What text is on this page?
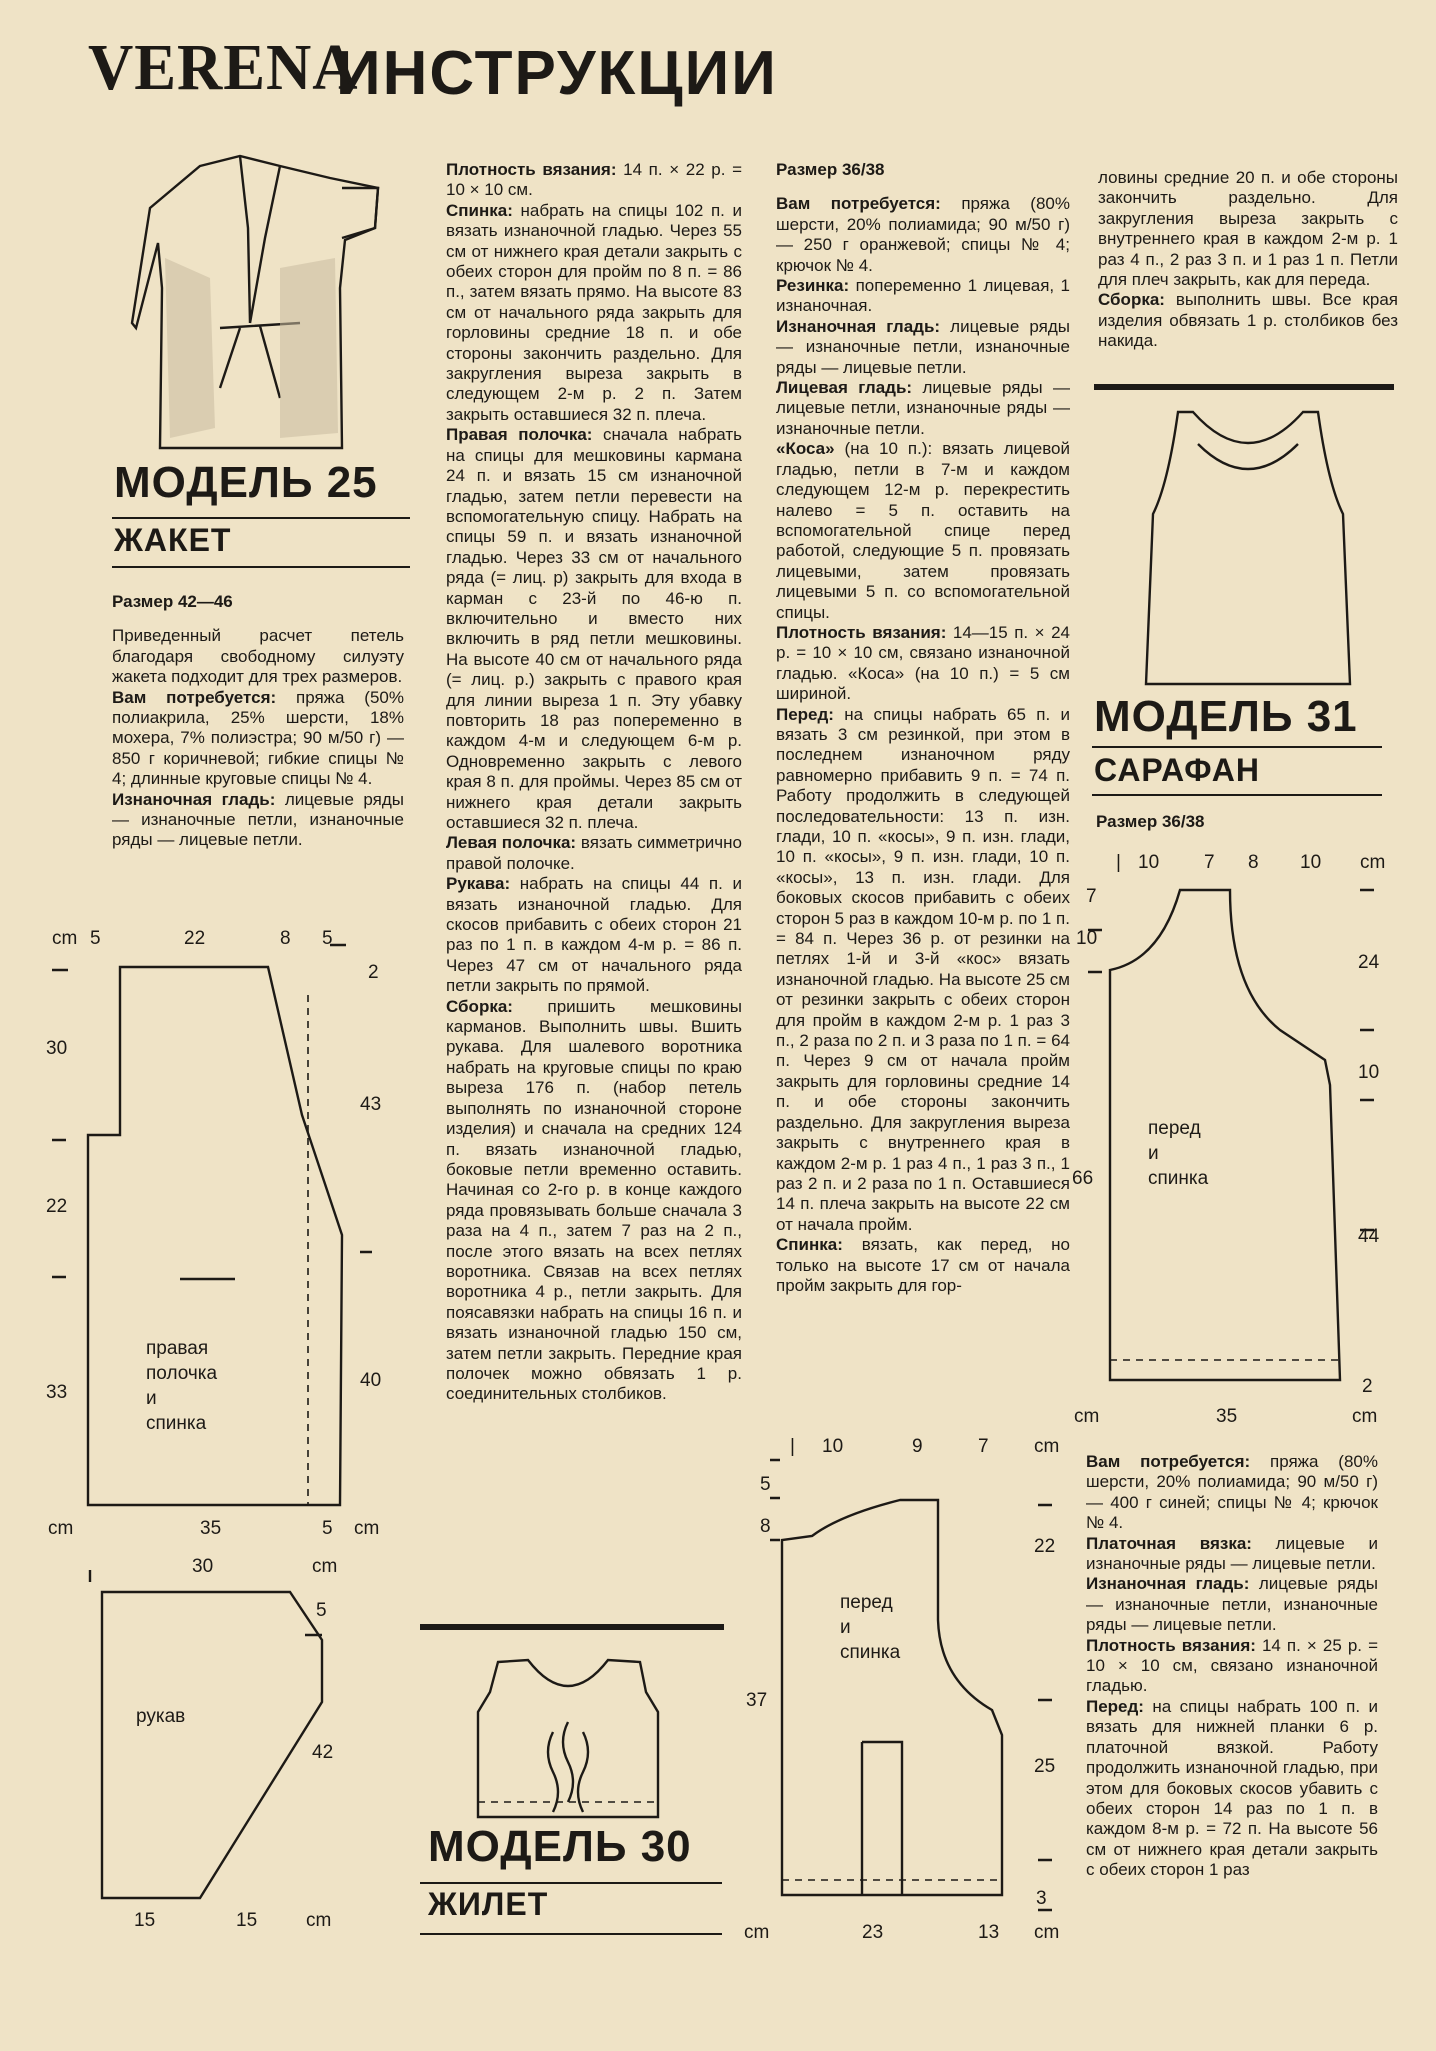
VERENA
ИНСТРУКЦИИ
МОДЕЛЬ 25
ЖАКЕТ

Размер 42—46

Приведенный расчет петель благодаря свободному силуэту жакета подходит для трех размеров.

Вам потребуется: пряжа (50% полиакрила, 25% шерсти, 18% мохера, 7% полиэстра; 90 м/50 г) — 850 г коричневой; гибкие спицы № 4; длинные круговые спицы № 4.

Изнаночная гладь: лицевые ряды — изнаночные петли, изнаночные ряды — лицевые петли.

cm 5	22	8 5
2
30
43
22
правая
полочка
и
спинка
33
40
cm	35	5 cm
30	cm
5
рукав
42
15	15	cm

Плотность вязания: 14 п. × 22 р. = 10 × 10 см.

Спинка: набрать на спицы 102 п. и вязать изнаночной гладью. Через 55 см от нижнего края детали закрыть с обеих сторон для пройм по 8 п. = 86 п., затем вязать прямо. На высоте 83 см от начального ряда закрыть для горловины средние 18 п. и обе стороны закончить раздельно. Для закругления выреза закрыть в следующем 2-м р. 2 п. Затем закрыть оставшиеся 32 п. плеча.

Правая полочка: сначала набрать на спицы для мешковины кармана 24 п. и вязать 15 см изнаночной гладью, затем петли перевести на вспомогательную спицу. Набрать на спицы 59 п. и вязать изнаночной гладью. Через 33 см от начального ряда (= лиц. р) закрыть для входа в карман с 23-й по 46-ю п. включительно и вместо них включить в ряд петли мешковины. На высоте 40 см от начального ряда (= лиц. р.) закрыть с правого края для линии выреза 1 п. Эту убавку повторить 18 раз попеременно в каждом 4-м и следующем 6-м р. Одновременно закрыть с левого края 8 п. для проймы. Через 85 см от нижнего края детали закрыть оставшиеся 32 п. плеча.

Левая полочка: вязать симметрично правой полочке.

Рукава: набрать на спицы 44 п. и вязать изнаночной гладью. Для скосов прибавить с обеих сторон 21 раз по 1 п. в каждом 4-м р. = 86 п. Через 47 см от начального ряда петли закрыть по прямой.

Сборка: пришить мешковины карманов. Выполнить швы. Вшить рукава. Для шалевого воротника набрать на круговые спицы по краю выреза 176 п. (набор петель выполнять по изнаночной стороне изделия) и сначала на средних 124 п. вязать изнаночной гладью, боковые петли временно оставить. Начиная со 2-го р. в конце каждого ряда провязывать больше сначала 3 раза на 4 п., затем 7 раз на 2 п., после этого вязать на всех петлях воротника. Связав на всех петлях воротника 4 р., петли закрыть. Для поясавязки набрать на спицы 16 п. и вязать изнаночной гладью 150 см, затем петли закрыть. Передние края полочек можно обвязать 1 р. соединительных столбиков.

МОДЕЛЬ 30
ЖИЛЕТ

Размер 36/38

Вам потребуется: пряжа (80% шерсти, 20% полиамида; 90 м/50 г) — 250 г оранжевой; спицы № 4; крючок № 4.

Резинка: попеременно 1 лицевая, 1 изнаночная.

Изнаночная гладь: лицевые ряды — изнаночные петли, изнаночные ряды — лицевые петли.

Лицевая гладь: лицевые ряды — лицевые петли, изнаночные ряды — изнаночные петли.

«Коса» (на 10 п.): вязать лицевой гладью, петли в 7-м и каждом следующем 12-м р. перекрестить налево = 5 п. оставить на вспомогательной спице перед работой, следующие 5 п. провязать лицевыми, затем провязать лицевыми 5 п. со вспомогательной спицы.

Плотность вязания: 14—15 п. × 24 р. = 10 × 10 см, связано изнаночной гладью. «Коса» (на 10 п.) = 5 см шириной.

Перед: на спицы набрать 65 п. и вязать 3 см резинкой, при этом в последнем изнаночном ряду равномерно прибавить 9 п. = 74 п. Работу продолжить в следующей последовательности: 13 п. изн. глади, 10 п. «косы», 9 п. изн. глади, 10 п. «косы», 9 п. изн. глади, 10 п. «косы», 13 п. изн. глади. Для боковых скосов прибавить с обеих сторон 5 раз в каждом 10-м р. по 1 п. = 84 п. Через 36 р. от резинки на петлях 1-й и 3-й «кос» вязать изнаночной гладью. На высоте 25 см от резинки закрыть с обеих сторон для пройм в каждом 2-м р. 1 раз 3 п., 2 раза по 2 п. и 3 раза по 1 п. = 64 п. Через 9 см от начала пройм закрыть для горловины средние 14 п. и обе стороны закончить раздельно. Для закругления выреза закрыть с внутреннего края в каждом 2-м р. 1 раз 4 п., 1 раз 3 п., 1 раз 2 п. и 2 раза по 1 п. Оставшиеся 14 п. плеча закрыть на высоте 22 см от начала пройм.

Спинка: вязать, как перед, но только на высоте 17 см от начала пройм закрыть для гор-

| 10	9	7 cm
5
8
22
перед
и
спинка
37
25
3
cm	23	13 cm

ловины средние 20 п. и обе стороны закончить раздельно. Для закругления выреза закрыть с внутреннего края в каждом 2-м р. 1 раз 4 п., 2 раз 3 п. и 1 раз 1 п. Петли для плеч закрыть, как для переда.

Сборка: выполнить швы. Все края изделия обвязать 1 р. столбиков без накида.

МОДЕЛЬ 31
САРАФАН
Размер 36/38
| 10 7 8 10 cm
7
10
24
10
перед
и
спинка
66
44
2
cm	35	cm

Вам потребуется: пряжа (80% шерсти, 20% полиамида; 90 м/50 г) — 400 г синей; спицы № 4; крючок № 4.

Платочная вязка: лицевые и изнаночные ряды — лицевые петли.

Изнаночная гладь: лицевые ряды — изнаночные петли, изнаночные ряды — лицевые петли.

Плотность вязания: 14 п. × 25 р. = 10 × 10 см, связано изнаночной гладью.

Перед: на спицы набрать 100 п. и вязать для нижней планки 6 р. платочной вязкой. Работу продолжить изнаночной гладью, при этом для боковых скосов убавить с обеих сторон 14 раз по 1 п. в каждом 8-м р. = 72 п. На высоте 56 см от нижнего края детали закрыть с обеих сторон 1 раз
